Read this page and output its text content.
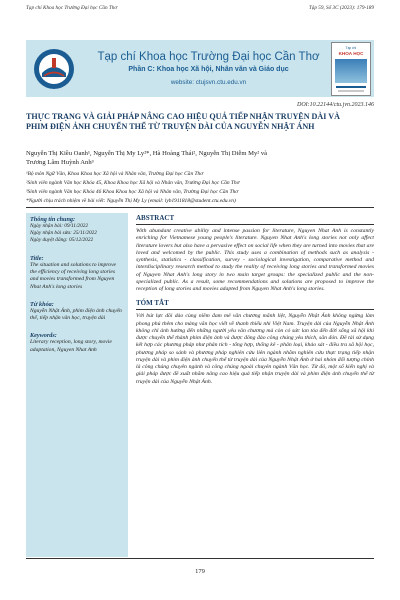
Tạp chí Khoa học Trường Đại học Cần Thơ	Tập 59, Số 3C (2023): 179-189
Tạp chí Khoa học Trường Đại học Cần Thơ
Phần C: Khoa học Xã hội, Nhân văn và Giáo dục
website: ctujsvn.ctu.edu.vn
Tạp chí
KHOA HỌC
DOI:10.22144/ctu.jvn.2023.146
THỰC TRẠNG VÀ GIẢI PHÁP NÂNG CAO HIỆU QUẢ TIẾP NHẬN TRUYỆN DÀI VÀ PHIM ĐIỆN ẢNH CHUYỂN THỂ TỪ TRUYỆN DÀI CỦA NGUYỄN NHẬT ÁNH
Nguyễn Thị Kiều Oanh¹, Nguyễn Thị My Ly²*, Hà Hoàng Thái², Nguyễn Thị Diễm My² và
Trương Lâm Huỳnh Anh³
¹Bộ môn Ngữ Văn, Khoa Khoa học Xã hội và Nhân văn, Trường Đại học Cần Thơ
²Sinh viên ngành Văn học Khóa 45, Khoa Khoa học Xã hội và Nhân văn, Trường Đại học Cần Thơ
³Sinh viên ngành Văn học Khóa 46 Khoa Khoa học Xã hội và Nhân văn, Trường Đại học Cần Thơ
*Người chịu trách nhiệm về bài viết: Nguyễn Thị My Ly (email: lyb1911818@student.ctu.edu.vn)
Thông tin chung:
Ngày nhận bài: 09/11/2022
Ngày nhận bài sửa: 25/11/2022
Ngày duyệt đăng: 05/12/2022
Title:
The situation and solutions to improve the efficiency of receiving long stories and movies transformed from Nguyen Nhat Anh's long stories
Từ khóa:
Nguyễn Nhật Ánh, phim điện ảnh chuyển thể, tiếp nhận văn học, truyện dài
Keywords:
Literary reception, long story, movie adaptation, Nguyen Nhat Anh
ABSTRACT
With abundant creative ability and intense passion for literature, Nguyen Nhat Anh is constantly enriching for Vietnamese young people's literature. Nguyen Nhat Anh's long stories not only affect literature lovers but also have a pervasive effect on social life when they are turned into movies that are loved and welcomed by the public. This study uses a combination of methods such as analysis - synthesis, statistics - classification, survey - sociological investigation, comparative method and interdisciplinary research method to study the reality of receiving long stories and transformed movies of Nguyen Nhat Anh's long story in two main target groups: the specialized public and the non-specialized public. As a result, some recommendations and solutions are proposed to improve the reception of long stories and movies adapted from Nguyen Nhat Anh's long stories.
TÓM TẮT
Với bút lực dồi dào cùng niềm đam mê văn chương mãnh liệt, Nguyễn Nhật Ánh không ngừng làm phong phú thêm cho mảng văn học viết về thanh thiếu nhi Việt Nam. Truyện dài của Nguyễn Nhật Ánh không chỉ ảnh hưởng đến những người yêu văn chương mà còn có sức lan tỏa đến đời sống xã hội khi được chuyển thể thành phim điện ảnh và được đông đảo công chúng yêu thích, săn đón. Đề tài sử dụng kết hợp các phương pháp như phân tích - tổng hợp, thống kê - phân loại, khảo sát - điều tra xã hội học, phương pháp so sánh và phương pháp nghiên cứu liên ngành nhằm nghiên cứu thực trạng tiếp nhận truyện dài và phim điện ảnh chuyển thể từ truyện dài của Nguyễn Nhật Ánh ở hai nhóm đối tượng chính là công chúng chuyên ngành và công chúng ngoài chuyên ngành Văn học. Từ đó, một số kiến nghị và giải pháp được đề xuất nhằm nâng cao hiệu quả tiếp nhận truyện dài và phim điện ảnh chuyển thể từ truyện dài của Nguyễn Nhật Ánh.
179
